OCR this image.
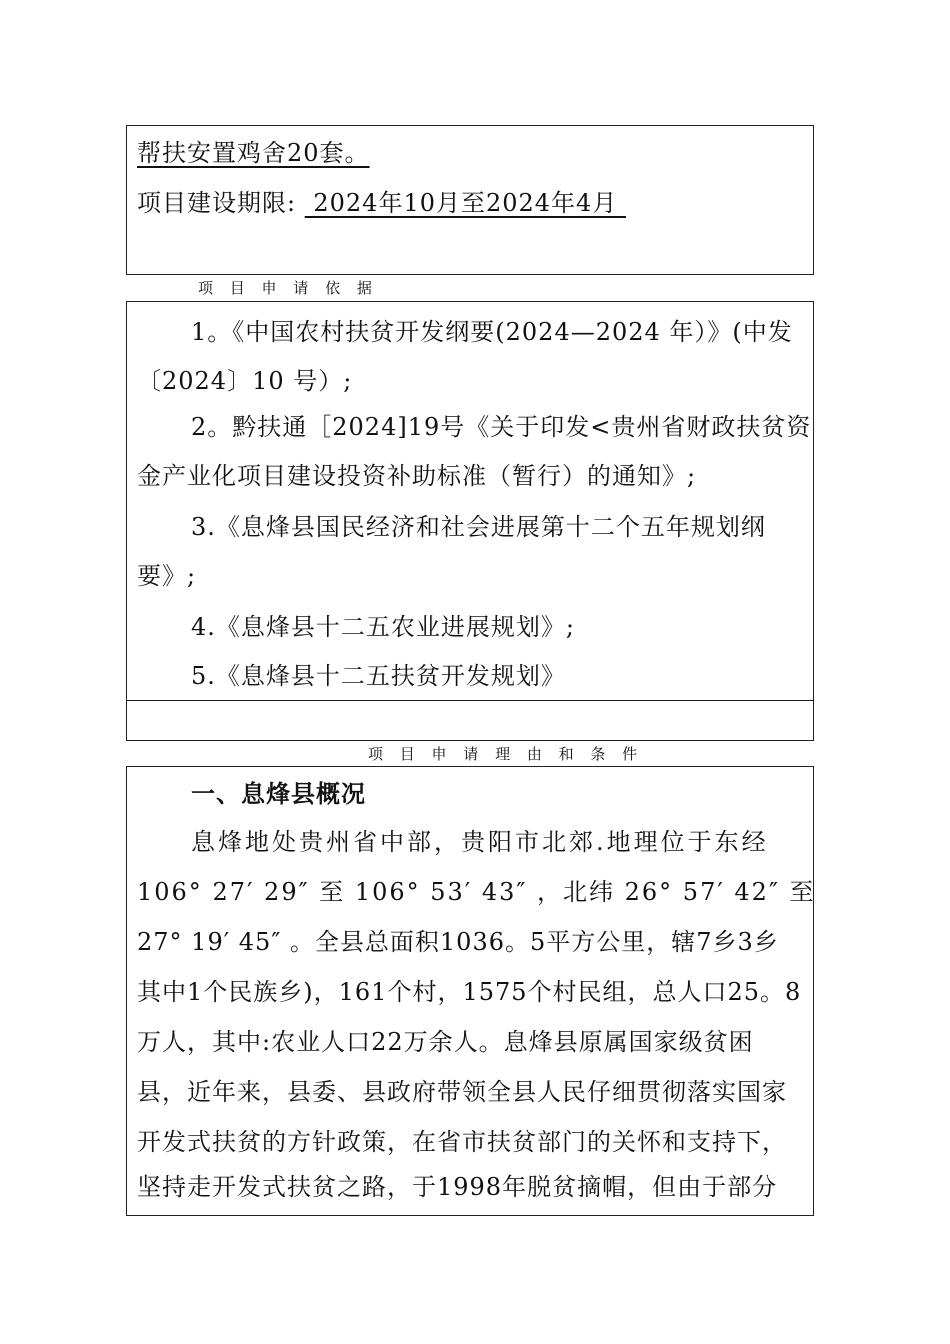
帮扶安置鸡舍20套。
项目建设期限:  2024年10月至2024年4月
项 目 申 请 依 据
1。《中国农村扶贫开发纲要(2024—2024 年）》(中发
〔2024〕10 号）;
2。黔扶通［2024]19号《关于印发<贵州省财政扶贫资
金产业化项目建设投资补助标准（暂行）的通知》;
3.《息烽县国民经济和社会进展第十二个五年规划纲
要》;
4.《息烽县十二五农业进展规划》;
5.《息烽县十二五扶贫开发规划》
项 目 申 请 理 由 和 条 件
一、息烽县概况
息烽地处贵州省中部，贵阳市北郊.地理位于东经
106° 27′ 29″ 至 106° 53′ 43″ ，北纬 26° 57′ 42″ 至
27° 19′ 45″ 。全县总面积1036。5平方公里，辖7乡3乡
其中1个民族乡)，161个村，1575个村民组，总人口25。8
万人，其中:农业人口22万余人。息烽县原属国家级贫困
县，近年来，县委、县政府带领全县人民仔细贯彻落实国家
开发式扶贫的方针政策，在省市扶贫部门的关怀和支持下，
坚持走开发式扶贫之路，于1998年脱贫摘帽，但由于部分
